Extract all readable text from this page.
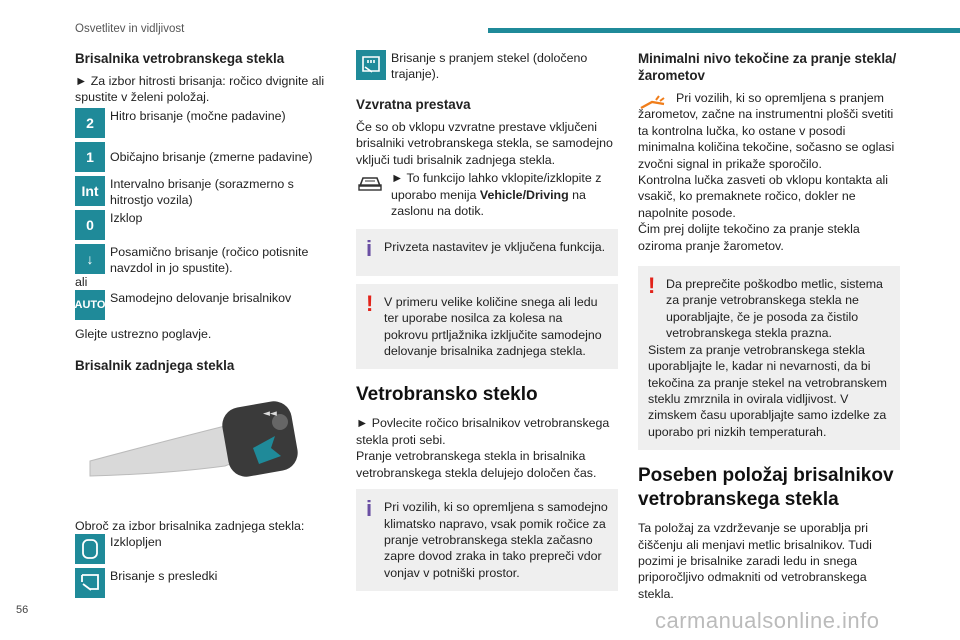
Osvetlitev in vidljivost
Brisalnika vetrobranskega stekla

► Za izbor hitrosti brisanja: ročico dvignite ali spustite v želeni položaj.

2	Hitro brisanje (močne padavine)
1	Običajno brisanje (zmerne padavine)
Int Intervalno brisanje (sorazmerno s hitrostjo vozila)
0	Izklop
↓	Posamično brisanje (ročico potisnite navzdol in jo spustite).

ali

AUTO Samodejno delovanje brisalnikov

Glejte ustrezno poglavje.

Brisalnik zadnjega stekla
◄◄

Obroč za izbor brisalnika zadnjega stekla:

Izklopljen
Brisanje s presledki
Brisanje s pranjem stekel (določeno trajanje).
Vzvratna prestava

Če so ob vklopu vzvratne prestave vključeni brisalniki vetrobranskega stekla, se samodejno vključi tudi brisalnik zadnjega stekla.

► To funkcijo lahko vklopite/izklopite z uporabo menija Vehicle/Driving na zaslonu na dotik.
i Privzeta nastavitev je vključena funkcija.

! V primeru velike količine snega ali ledu ter uporabe nosilca za kolesa na pokrovu prtljažnika izključite samodejno delovanje brisalnika zadnjega stekla.

Vetrobransko steklo

► Povlecite ročico brisalnikov vetrobranskega stekla proti sebi.

Pranje vetrobranskega stekla in brisalnika vetrobranskega stekla delujejo določen čas.

i Pri vozilih, ki so opremljena s samodejno klimatsko napravo, vsak pomik ročice za pranje vetrobranskega stekla začasno zapre dovod zraka in tako prepreči vdor vonjav v potniški prostor.

Minimalni nivo tekočine za pranje stekla/žarometov

Pri vozilih, ki so opremljena s pranjem žarometov, začne na instrumentni plošči svetiti ta kontrolna lučka, ko ostane v posodi minimalna količina tekočine, sočasno se oglasi zvočni signal in prikaže sporočilo.

Kontrolna lučka zasveti ob vklopu kontakta ali vsakič, ko premaknete ročico, dokler ne napolnite posode.

Čim prej dolijte tekočino za pranje stekla oziroma pranje žarometov.

! Da preprečite poškodbo metlic, sistema za pranje vetrobranskega stekla ne uporabljajte, če je posoda za čistilo vetrobranskega stekla prazna.

Sistem za pranje vetrobranskega stekla uporabljajte le, kadar ni nevarnosti, da bi tekočina za pranje stekel na vetrobranskem steklu zmrznila in ovirala vidljivost. V zimskem času uporabljajte samo izdelke za uporabo pri nizkih temperaturah.

Poseben položaj brisalnikov vetrobranskega stekla

Ta položaj za vzdrževanje se uporablja pri čiščenju ali menjavi metlic brisalnikov. Tudi pozimi je brisalnike zaradi ledu in snega priporočljivo odmakniti od vetrobranskega stekla.

56	carmanualsonline.info
